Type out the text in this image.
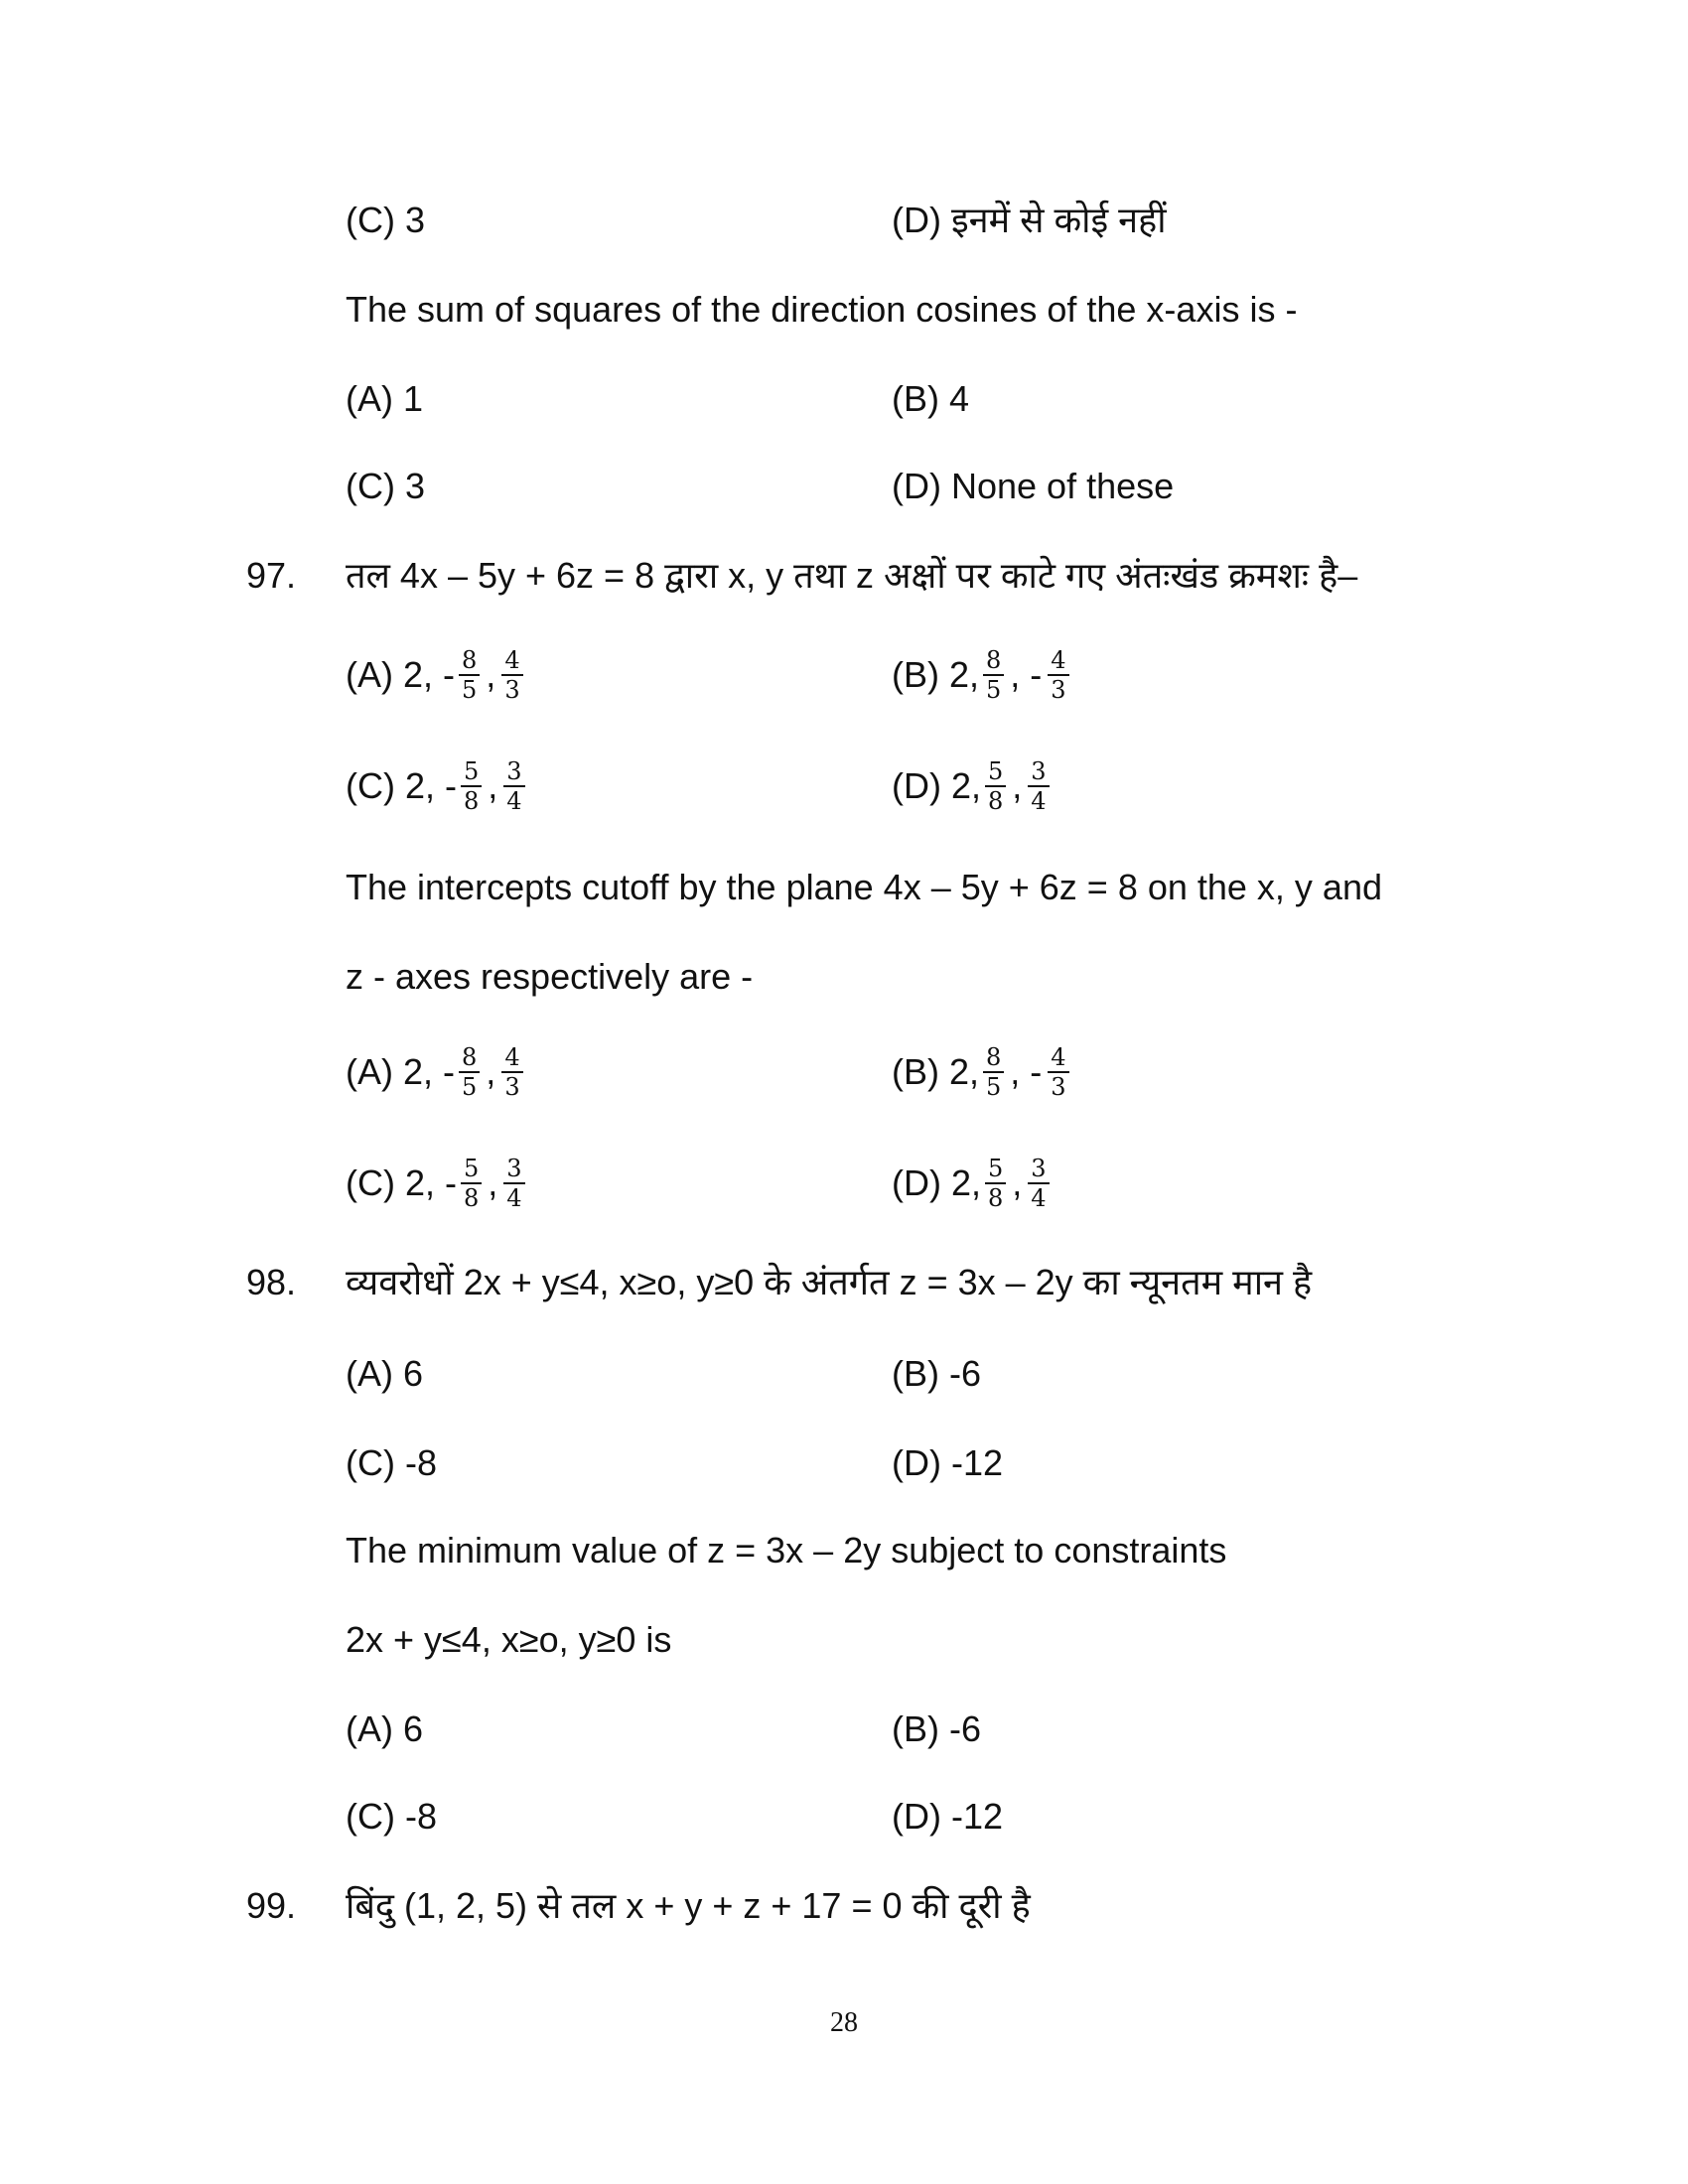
(C) 3	(D) इनमें से कोई नहीं
The sum of squares of the direction cosines of the x-axis is -
(A) 1	(B) 4
(C) 3	(D) None of these
97. तल 4x – 5y + 6z = 8 द्वारा x, y तथा z अक्षों पर काटे गए अंतःखंड क्रमशः है–
(A) 2, - $\frac{8}{5}$ , $\frac{4}{3}$	(B) 2, $\frac{8}{5}$ , - $\frac{4}{3}$
(C) 2, - $\frac{5}{8}$ , $\frac{3}{4}$	(D) 2, $\frac{5}{8}$ , $\frac{3}{4}$
The intercepts cutoff by the plane 4x – 5y + 6z = 8 on the x, y and
z - axes respectively are -
(A) 2, - $\frac{8}{5}$ , $\frac{4}{3}$	(B) 2, $\frac{8}{5}$ , - $\frac{4}{3}$
(C) 2, - $\frac{5}{8}$ , $\frac{3}{4}$	(D) 2, $\frac{5}{8}$ , $\frac{3}{4}$
98. व्यवरोधों 2x + y≤4, x≥o, y≥0 के अंतर्गत z = 3x – 2y का न्यूनतम मान है
(A) 6	(B) -6
(C) -8	(D) -12
The minimum value of z = 3x – 2y subject to constraints
2x + y≤4, x≥o, y≥0 is
(A) 6	(B) -6
(C) -8	(D) -12
99. बिंदु (1, 2, 5) से तल x + y + z + 17 = 0 की दूरी है
28
